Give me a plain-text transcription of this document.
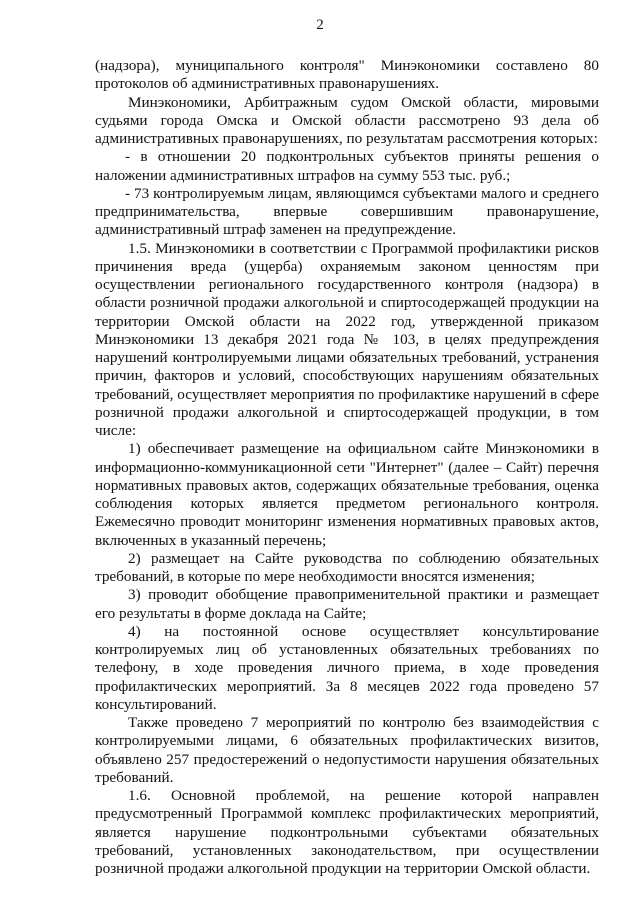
2

(надзора), муниципального контроля" Минэкономики составлено 80 протоколов об административных правонарушениях.

Минэкономики, Арбитражным судом Омской области, мировыми судьями города Омска и Омской области рассмотрено 93 дела об административных правонарушениях, по результатам рассмотрения которых:

- в отношении 20 подконтрольных субъектов приняты решения о наложении административных штрафов на сумму 553 тыс. руб.;

- 73 контролируемым лицам, являющимся субъектами малого и среднего предпринимательства, впервые совершившим правонарушение, административный штраф заменен на предупреждение.

1.5. Минэкономики в соответствии с Программой профилактики рисков причинения вреда (ущерба) охраняемым законом ценностям при осуществлении регионального государственного контроля (надзора) в области розничной продажи алкогольной и спиртосодержащей продукции на территории Омской области на 2022 год, утвержденной приказом Минэкономики 13 декабря 2021 года № 103, в целях предупреждения нарушений контролируемыми лицами обязательных требований, устранения причин, факторов и условий, способствующих нарушениям обязательных требований, осуществляет мероприятия по профилактике нарушений в сфере розничной продажи алкогольной и спиртосодержащей продукции, в том числе:

1) обеспечивает размещение на официальном сайте Минэкономики в информационно-коммуникационной сети "Интернет" (далее – Сайт) перечня нормативных правовых актов, содержащих обязательные требования, оценка соблюдения которых является предметом регионального контроля. Ежемесячно проводит мониторинг изменения нормативных правовых актов, включенных в указанный перечень;

2) размещает на Сайте руководства по соблюдению обязательных требований, в которые по мере необходимости вносятся изменения;

3) проводит обобщение правоприменительной практики и размещает его результаты в форме доклада на Сайте;

4) на постоянной основе осуществляет консультирование контролируемых лиц об установленных обязательных требованиях по телефону, в ходе проведения личного приема, в ходе проведения профилактических мероприятий. За 8 месяцев 2022 года проведено 57 консультирований.

Также проведено 7 мероприятий по контролю без взаимодействия с контролируемыми лицами, 6 обязательных профилактических визитов, объявлено 257 предостережений о недопустимости нарушения обязательных требований.

1.6. Основной проблемой, на решение которой направлен предусмотренный Программой комплекс профилактических мероприятий, является нарушение подконтрольными субъектами обязательных требований, установленных законодательством, при осуществлении розничной продажи алкогольной продукции на территории Омской области.
